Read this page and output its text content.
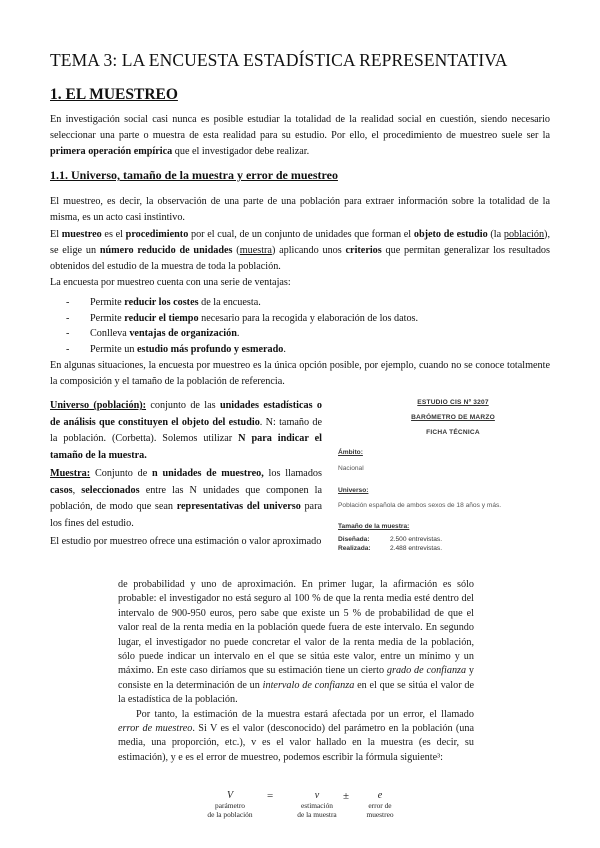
TEMA 3: LA ENCUESTA ESTADÍSTICA REPRESENTATIVA
1. EL MUESTREO
En investigación social casi nunca es posible estudiar la totalidad de la realidad social en cuestión, siendo necesario seleccionar una parte o muestra de esta realidad para su estudio. Por ello, el procedimiento de muestreo suele ser la primera operación empírica que el investigador debe realizar.
1.1. Universo, tamaño de la muestra y error de muestreo
El muestreo, es decir, la observación de una parte de una población para extraer información sobre la totalidad de la misma, es un acto casi instintivo.
El muestreo es el procedimiento por el cual, de un conjunto de unidades que forman el objeto de estudio (la población), se elige un número reducido de unidades (muestra) aplicando unos criterios que permitan generalizar los resultados obtenidos del estudio de la muestra de toda la población.
La encuesta por muestreo cuenta con una serie de ventajas:
- Permite reducir los costes de la encuesta.
- Permite reducir el tiempo necesario para la recogida y elaboración de los datos.
- Conlleva ventajas de organización.
- Permite un estudio más profundo y esmerado.
En algunas situaciones, la encuesta por muestreo es la única opción posible, por ejemplo, cuando no se conoce totalmente la composición y el tamaño de la población de referencia.
Universo (población): conjunto de las unidades estadísticas o de análisis que constituyen el objeto del estudio. N: tamaño de la población. (Corbetta). Solemos utilizar N para indicar el tamaño de la muestra.
Muestra: Conjunto de n unidades de muestreo, los llamados casos, seleccionados entre las N unidades que componen la población, de modo que sean representativas del universo para los fines del estudio.
El estudio por muestreo ofrece una estimación o valor aproximado
ESTUDIO CIS Nº 3207
BARÓMETRO DE MARZO
FICHA TÉCNICA
Ámbito:
Nacional
Universo:
Población española de ambos sexos de 18 años y más.
Tamaño de la muestra:
Diseñada:	2.500 entrevistas.
Realizada:	2.488 entrevistas.

de probabilidad y uno de aproximación. En primer lugar, la afirmación es sólo probable: el investigador no está seguro al 100 % de que la renta media esté dentro del intervalo de 900-950 euros, pero sabe que existe un 5 % de probabilidad de que el valor real de la renta media en la población quede fuera de este intervalo. En segundo lugar, el investigador no puede concretar el valor de la renta media de la población, sólo puede indicar un intervalo en el que se sitúa este valor, entre un mínimo y un máximo. En este caso diríamos que su estimación tiene un cierto grado de confianza y consiste en la determinación de un intervalo de confianza en el que se sitúa el valor de la estadística de la población.

Por tanto, la estimación de la muestra estará afectada por un error, el llamado error de muestreo. Si V es el valor (desconocido) del parámetro en la población (una media, una proporción, etc.), v es el valor hallado en la muestra (es decir, su estimación), y e es el error de muestreo, podemos escribir la fórmula siguiente³:

V
parámetro
de la población
=	v
estimación
de la muestra
±	e
error de
muestreo
